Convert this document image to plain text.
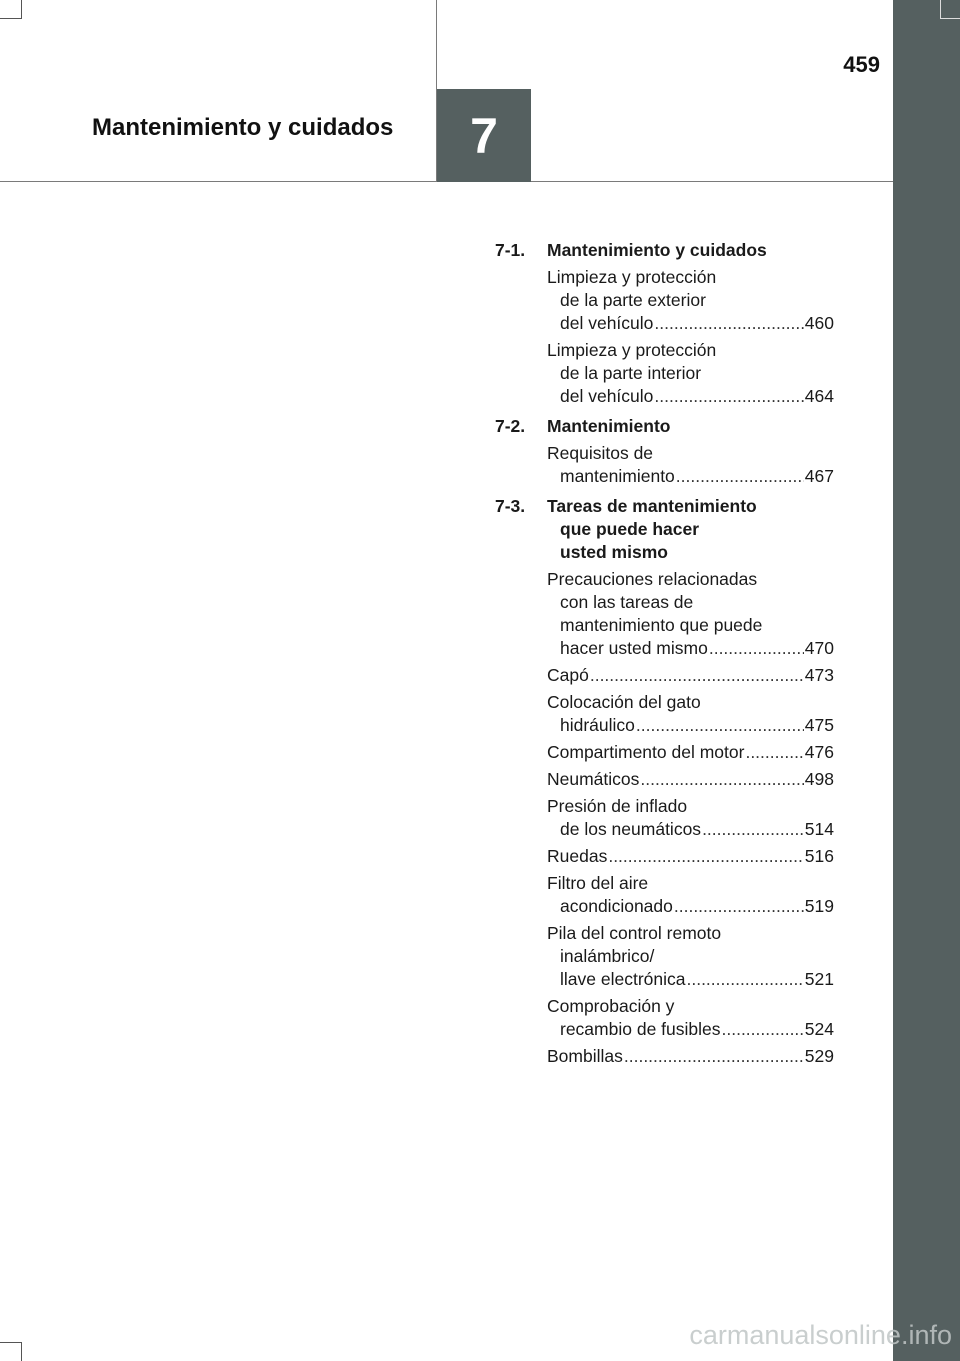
459
Mantenimiento y cuidados	7
7-1.	Mantenimiento y cuidados
Limpieza y protección
de la parte exterior
del vehículo .....	460
Limpieza y protección
de la parte interior
del vehículo .....	464
7-2.	Mantenimiento
Requisitos de
mantenimiento .....	467
7-3.	Tareas de mantenimiento
que puede hacer
usted mismo
Precauciones relacionadas
con las tareas de
mantenimiento que puede
hacer usted mismo .....	470
Capó .....	473
Colocación del gato
hidráulico .....	475
Compartimento del motor .....	476
Neumáticos .....	498
Presión de inflado
de los neumáticos .....	514
Ruedas .....	516
Filtro del aire
acondicionado .....	519
Pila del control remoto
inalámbrico/
llave electrónica .....	521
Comprobación y
recambio de fusibles .....	524
Bombillas .....	529
carmanualsonline.info
